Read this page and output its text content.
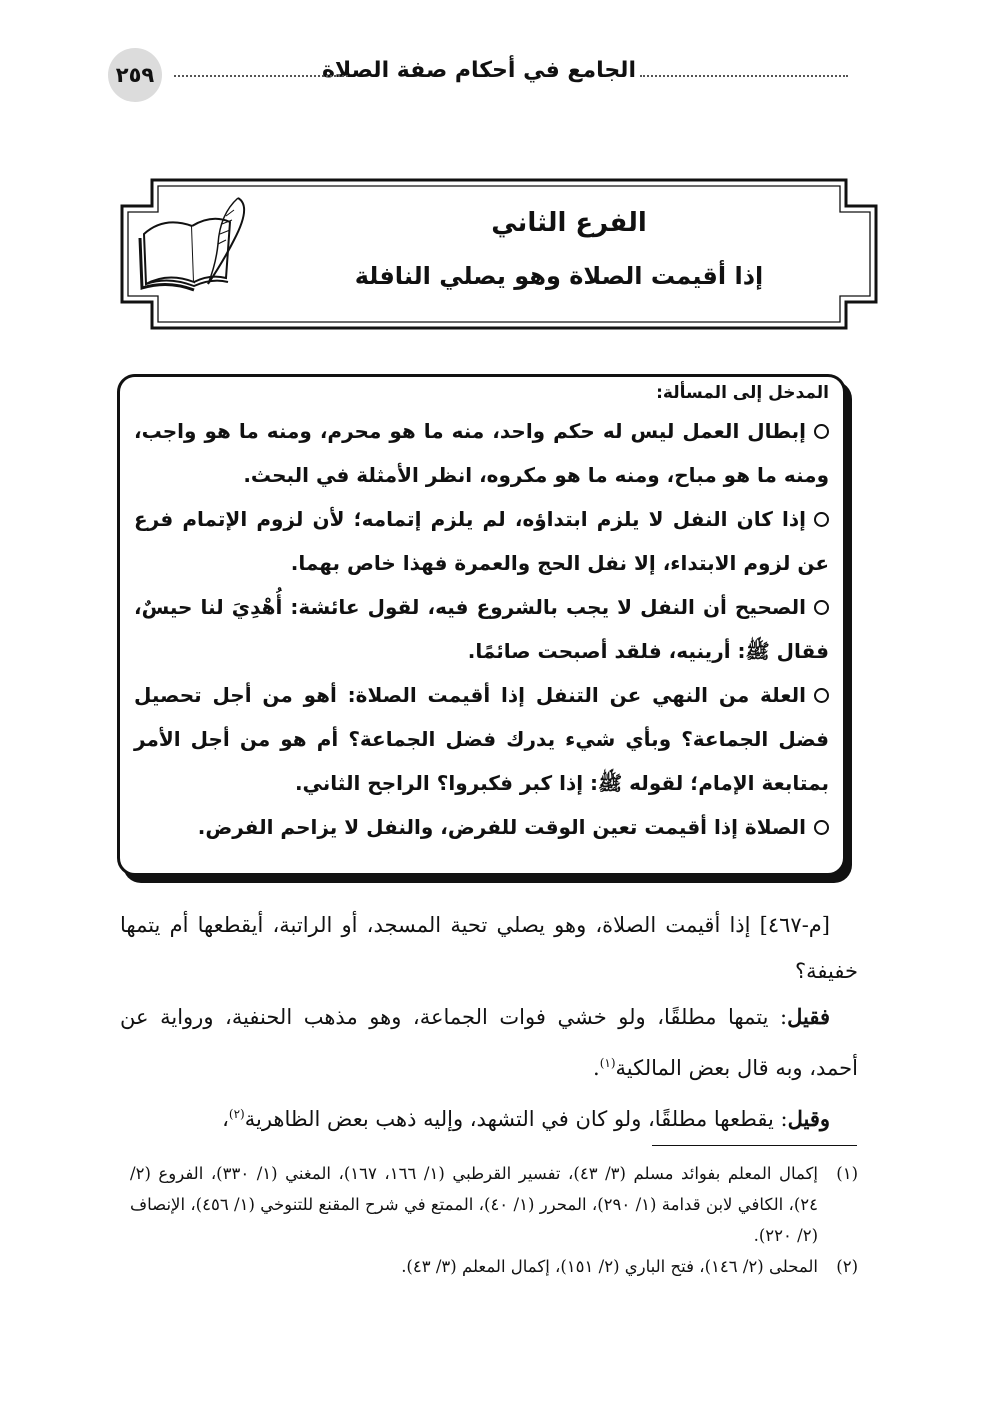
الجامع في أحكام صفة الصلاة
٢٥٩
الفرع الثاني
إذا أقيمت الصلاة وهو يصلي النافلة

المدخل إلى المسألة:

إبطال العمل ليس له حكم واحد، منه ما هو محرم، ومنه ما هو واجب، ومنه ما هو مباح، ومنه ما هو مكروه، انظر الأمثلة في البحث.

إذا كان النفل لا يلزم ابتداؤه، لم يلزم إتمامه؛ لأن لزوم الإتمام فرع عن لزوم الابتداء، إلا نفل الحج والعمرة فهذا خاص بهما.

الصحيح أن النفل لا يجب بالشروع فيه، لقول عائشة: أُهْدِيَ لنا حيسٌ، فقال ﷺ: أرينيه، فلقد أصبحت صائمًا.

العلة من النهي عن التنفل إذا أقيمت الصلاة: أهو من أجل تحصيل فضل الجماعة؟ وبأي شيء يدرك فضل الجماعة؟ أم هو من أجل الأمر بمتابعة الإمام؛ لقوله ﷺ: إذا كبر فكبروا؟ الراجح الثاني.

الصلاة إذا أقيمت تعين الوقت للفرض، والنفل لا يزاحم الفرض.

[م-٤٦٧] إذا أقيمت الصلاة، وهو يصلي تحية المسجد، أو الراتبة، أيقطعها أم يتمها خفيفة؟

فقيل: يتمها مطلقًا، ولو خشي فوات الجماعة، وهو مذهب الحنفية، ورواية عن أحمد، وبه قال بعض المالكية$^{(١)}$.

وقيل: يقطعها مطلقًا، ولو كان في التشهد، وإليه ذهب بعض الظاهرية$^{(٢)}$،

(١)
إكمال المعلم بفوائد مسلم (٣/ ٤٣)، تفسير القرطبي (١/ ١٦٦، ١٦٧)، المغني (١/ ٣٣٠)، الفروع (٢/ ٢٤)، الكافي لابن قدامة (١/ ٢٩٠)، المحرر (١/ ٤٠)، الممتع في شرح المقنع للتنوخي (١/ ٤٥٦)، الإنصاف (٢/ ٢٢٠).

(٢)
المحلى (٢/ ١٤٦)، فتح الباري (٢/ ١٥١)، إكمال المعلم (٣/ ٤٣).
